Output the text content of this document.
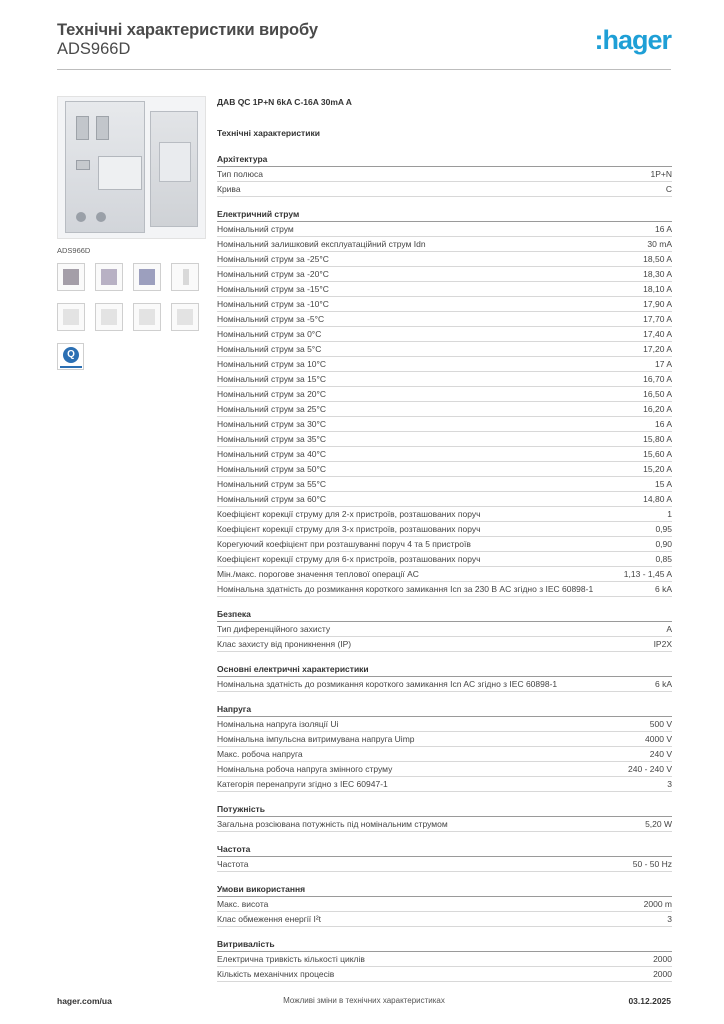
Технічні характеристики виробу
ADS966D	:hager
ADS966D
Q
ДАВ QC 1P+N 6kA C-16A 30mA A
Технічні характеристики
Архітектура
Тип полюса	1P+N
Крива	C
Електричний струм
Номінальний струм	16 A
Номінальний залишковий експлуатаційний струм Idn	30 mA
Номінальний струм за -25°C	18,50 A
Номінальний струм за -20°C	18,30 A
Номінальний струм за -15°C	18,10 A
Номінальний струм за -10°C	17,90 A
Номінальний струм за -5°C	17,70 A
Номінальний струм за 0°C	17,40 A
Номінальний струм за 5°C	17,20 A
Номінальний струм за 10°C	17 A
Номінальний струм за 15°C	16,70 A
Номінальний струм за 20°C	16,50 A
Номінальний струм за 25°C	16,20 A
Номінальний струм за 30°C	16 A
Номінальний струм за 35°C	15,80 A
Номінальний струм за 40°C	15,60 A
Номінальний струм за 50°C	15,20 A
Номінальний струм за 55°C	15 A
Номінальний струм за 60°C	14,80 A
Коефіцієнт корекції струму для 2-х пристроїв, розташованих поруч	1
Коефіцієнт корекції струму для 3-х пристроїв, розташованих поруч	0,95
Корегуючий коефіцієнт при розташуванні поруч 4 та 5 пристроїв	0,90
Коефіцієнт корекції струму для 6-х пристроїв, розташованих поруч	0,85
Мін./макс. порогове значення теплової операції AC	1,13 - 1,45 A
Номінальна здатність до розмикання короткого замикання Icn за 230 В AC згідно з IEC 60898-1	6 kA
Безпека
Тип диференційного захисту	A
Клас захисту від проникнення (IP)	IP2X
Основні електричні характеристики
Номінальна здатність до розмикання короткого замикання Icn AC згідно з IEC 60898-1	6 kA
Напруга
Номінальна напруга ізоляції Ui	500 V
Номінальна імпульсна витримувана напруга Uimp	4000 V
Макс. робоча напруга	240 V
Номінальна робоча напруга змінного струму	240 - 240 V
Категорія перенапруги згідно з IEC 60947-1	3
Потужність
Загальна розсіювана потужність під номінальним струмом	5,20 W
Частота
Частота	50 - 50 Hz
Умови використання
Макс. висота	2000 m
Клас обмеження енергії I²t	3
Витривалість
Електрична тривкість кількості циклів	2000
Кількість механічних процесів	2000
hager.com/ua	Можливі зміни в технічних характеристиках	03.12.2025
